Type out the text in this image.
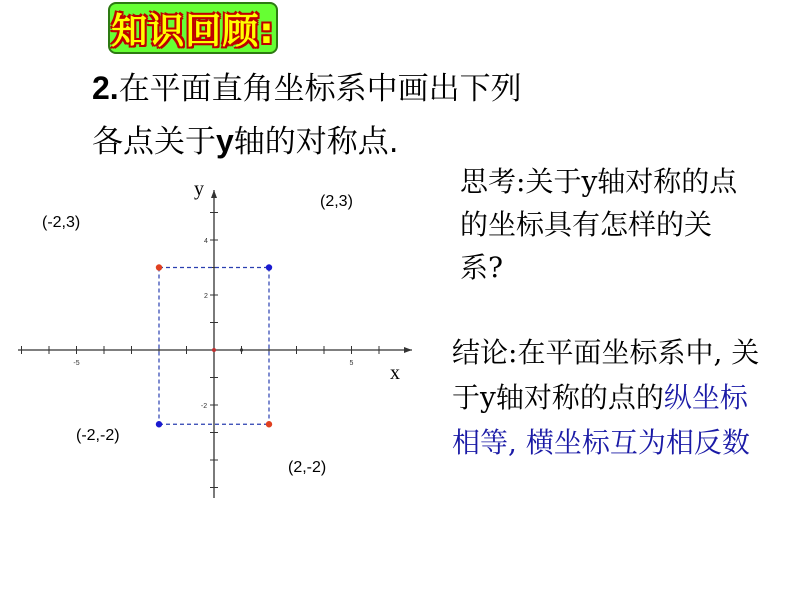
知识回顾:
2.在平面直角坐标系中画出下列
各点关于y轴的对称点.
-5	5
4
2
-2
y
x
(-2,3)
(2,3)
(-2,-2)
(2,-2)
思考:关于y轴对称的点的坐标具有怎样的关系?
结论:在平面坐标系中, 关于y轴对称的点的纵坐标相等, 横坐标互为相反数
